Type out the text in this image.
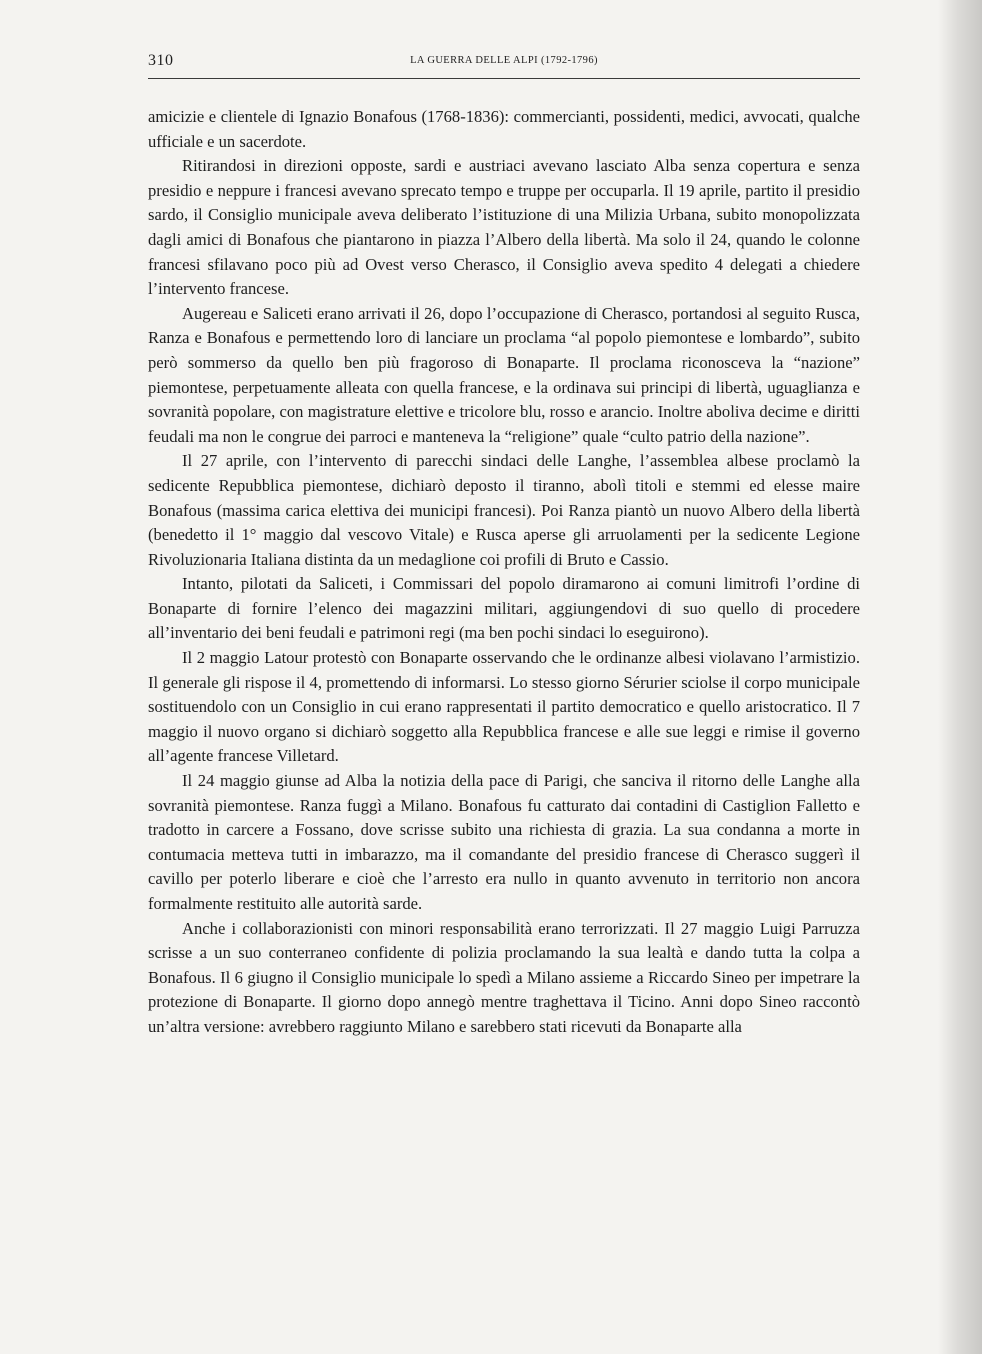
310	LA GUERRA DELLE ALPI (1792-1796)

amicizie e clientele di Ignazio Bonafous (1768-1836): commercianti, possidenti, medici, avvocati, qualche ufficiale e un sacerdote.

Ritirandosi in direzioni opposte, sardi e austriaci avevano lasciato Alba senza copertura e senza presidio e neppure i francesi avevano sprecato tempo e truppe per occuparla. Il 19 aprile, partito il presidio sardo, il Consiglio municipale aveva deliberato l’istituzione di una Milizia Urbana, subito monopolizzata dagli amici di Bonafous che piantarono in piazza l’Albero della libertà. Ma solo il 24, quando le colonne francesi sfilavano poco più ad Ovest verso Cherasco, il Consiglio aveva spedito 4 delegati a chiedere l’intervento francese.

Augereau e Saliceti erano arrivati il 26, dopo l’occupazione di Cherasco, portandosi al seguito Rusca, Ranza e Bonafous e permettendo loro di lanciare un proclama “al popolo piemontese e lombardo”, subito però sommerso da quello ben più fragoroso di Bonaparte. Il proclama riconosceva la “nazione” piemontese, perpetuamente alleata con quella francese, e la ordinava sui principi di libertà, uguaglianza e sovranità popolare, con magistrature elettive e tricolore blu, rosso e arancio. Inoltre aboliva decime e diritti feudali ma non le congrue dei parroci e manteneva la “religione” quale “culto patrio della nazione”.

Il 27 aprile, con l’intervento di parecchi sindaci delle Langhe, l’assemblea albese proclamò la sedicente Repubblica piemontese, dichiarò deposto il tiranno, abolì titoli e stemmi ed elesse maire Bonafous (massima carica elettiva dei municipi francesi). Poi Ranza piantò un nuovo Albero della libertà (benedetto il 1° maggio dal vescovo Vitale) e Rusca aperse gli arruolamenti per la sedicente Legione Rivoluzionaria Italiana distinta da un medaglione coi profili di Bruto e Cassio.

Intanto, pilotati da Saliceti, i Commissari del popolo diramarono ai comuni limitrofi l’ordine di Bonaparte di fornire l’elenco dei magazzini militari, aggiungendovi di suo quello di procedere all’inventario dei beni feudali e patrimoni regi (ma ben pochi sindaci lo eseguirono).

Il 2 maggio Latour protestò con Bonaparte osservando che le ordinanze albesi violavano l’armistizio. Il generale gli rispose il 4, promettendo di informarsi. Lo stesso giorno Sérurier sciolse il corpo municipale sostituendolo con un Consiglio in cui erano rappresentati il partito democratico e quello aristocratico. Il 7 maggio il nuovo organo si dichiarò soggetto alla Repubblica francese e alle sue leggi e rimise il governo all’agente francese Villetard.

Il 24 maggio giunse ad Alba la notizia della pace di Parigi, che sanciva il ritorno delle Langhe alla sovranità piemontese. Ranza fuggì a Milano. Bonafous fu catturato dai contadini di Castiglion Falletto e tradotto in carcere a Fossano, dove scrisse subito una richiesta di grazia. La sua condanna a morte in contumacia metteva tutti in imbarazzo, ma il comandante del presidio francese di Cherasco suggerì il cavillo per poterlo liberare e cioè che l’arresto era nullo in quanto avvenuto in territorio non ancora formalmente restituito alle autorità sarde.

Anche i collaborazionisti con minori responsabilità erano terrorizzati. Il 27 maggio Luigi Parruzza scrisse a un suo conterraneo confidente di polizia proclamando la sua lealtà e dando tutta la colpa a Bonafous. Il 6 giugno il Consiglio municipale lo spedì a Milano assieme a Riccardo Sineo per impetrare la protezione di Bonaparte. Il giorno dopo annegò mentre traghettava il Ticino. Anni dopo Sineo raccontò un’altra versione: avrebbero raggiunto Milano e sarebbero stati ricevuti da Bonaparte alla
